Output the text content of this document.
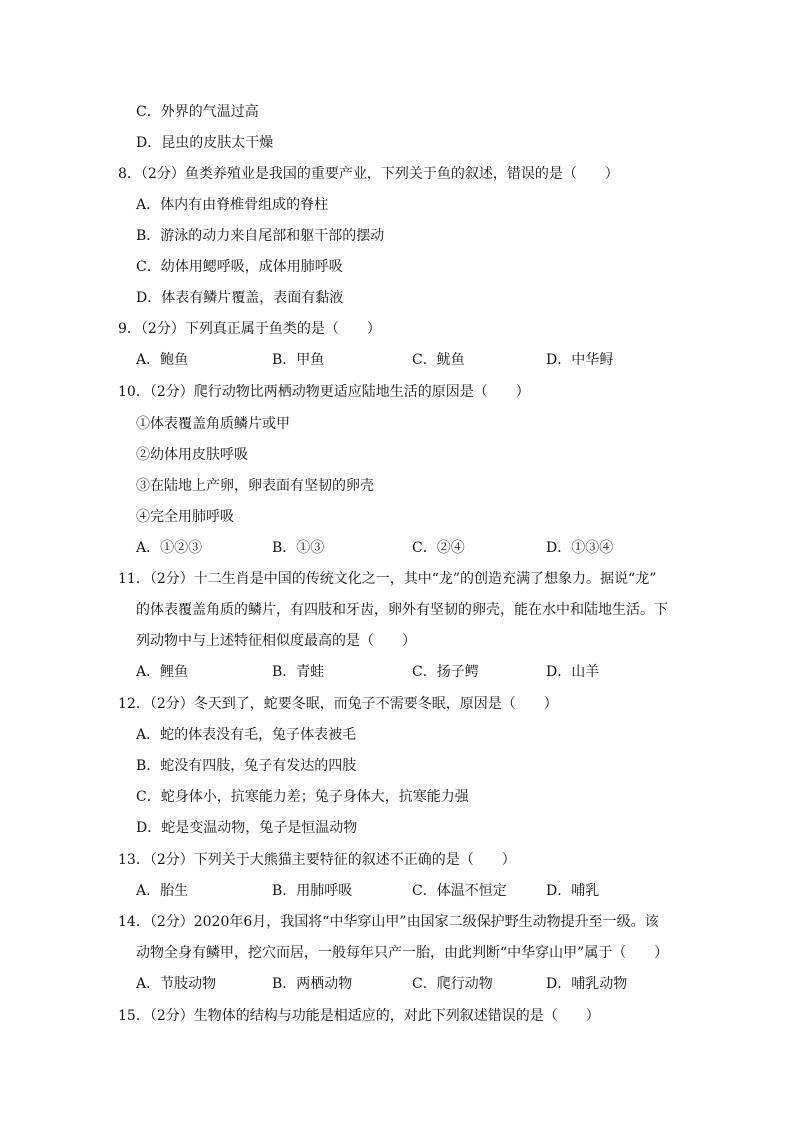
C．外界的气温过高
D．昆虫的皮肤太干燥
8．（2分）鱼类养殖业是我国的重要产业，下列关于鱼的叙述，错误的是（　　）
A．体内有由脊椎骨组成的脊柱
B．游泳的动力来自尾部和躯干部的摆动
C．幼体用鳃呼吸，成体用肺呼吸
D．体表有鳞片覆盖，表面有黏液
9．（2分）下列真正属于鱼类的是（　　）
A．鲍鱼	B．甲鱼	C．鱿鱼	D．中华鲟
10．（2分）爬行动物比两栖动物更适应陆地生活的原因是（　　）
①体表覆盖角质鳞片或甲
②幼体用皮肤呼吸
③在陆地上产卵，卵表面有坚韧的卵壳
④完全用肺呼吸
A．①②③	B．①③	C．②④	D．①③④
11．（2分）十二生肖是中国的传统文化之一，其中“龙”的创造充满了想象力。据说“龙”
的体表覆盖角质的鳞片，有四肢和牙齿，卵外有坚韧的卵壳，能在水中和陆地生活。下
列动物中与上述特征相似度最高的是（　　）
A．鲤鱼	B．青蛙	C．扬子鳄	D．山羊
12．（2分）冬天到了，蛇要冬眠，而兔子不需要冬眠，原因是（　　）
A．蛇的体表没有毛，兔子体表被毛
B．蛇没有四肢，兔子有发达的四肢
C．蛇身体小，抗寒能力差；兔子身体大，抗寒能力强
D．蛇是变温动物，兔子是恒温动物
13．（2分）下列关于大熊猫主要特征的叙述不正确的是（　　）
A．胎生	B．用肺呼吸	C．体温不恒定	D．哺乳
14．（2分）2020年6月，我国将“中华穿山甲”由国家二级保护野生动物提升至一级。该
动物全身有鳞甲，挖穴而居，一般每年只产一胎，由此判断“中华穿山甲”属于（　　）
A．节肢动物	B．两栖动物	C．爬行动物	D．哺乳动物
15．（2分）生物体的结构与功能是相适应的，对此下列叙述错误的是（　　）
